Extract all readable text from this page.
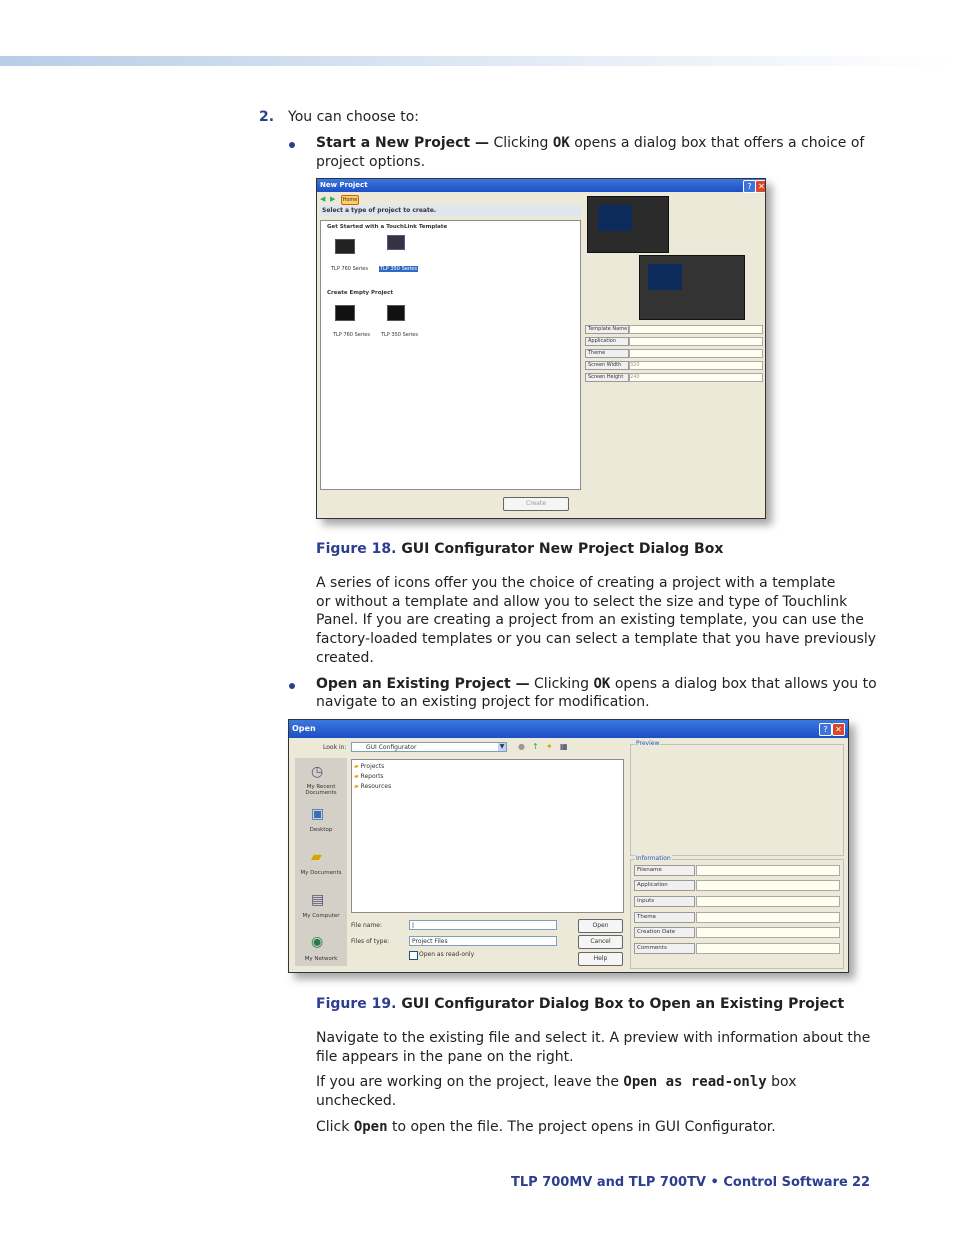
2. You can choose to:
Start a New Project — Clicking OK opens a dialog box that offers a choice of
project options.
New Project	? ✕
◀ ▶	Home
Select a type of project to create.
Get Started with a TouchLink Template
TLP 760 Series TLP 350 Series
Create Empty Project
TLP 760 Series TLP 350 Series
Template Name
Application
Theme
Screen Width	320
Screen Height	240
Create
Figure 18. GUI Configurator New Project Dialog Box
A series of icons offer you the choice of creating a project with a template
or without a template and allow you to select the size and type of Touchlink
Panel. If you are creating a project from an existing template, you can use the
factory-loaded templates or you can select a template that you have previously
created.
Open an Existing Project — Clicking OK opens a dialog box that allows you to
navigate to an existing project for modification.
Open	? ✕
Look in:	GUI Configurator	▼ ● ↑ ✦ ▦
◷
My Recent Documents
▣
Desktop
▰
My Documents
▤
My Computer
◉
My Network
▰ Projects
▰ Reports
▰ Resources
File name:	|
Files of type:	Project Files
Open as read-only
Open
Cancel
Help
Preview
Information
Filename
Application
Inputs
Theme
Creation Date
Comments
Figure 19. GUI Configurator Dialog Box to Open an Existing Project
Navigate to the existing file and select it. A preview with information about the
file appears in the pane on the right.
If you are working on the project, leave the Open as read-only box
unchecked.
Click Open to open the file. The project opens in GUI Configurator.
TLP 700MV and TLP 700TV • Control Software 22
